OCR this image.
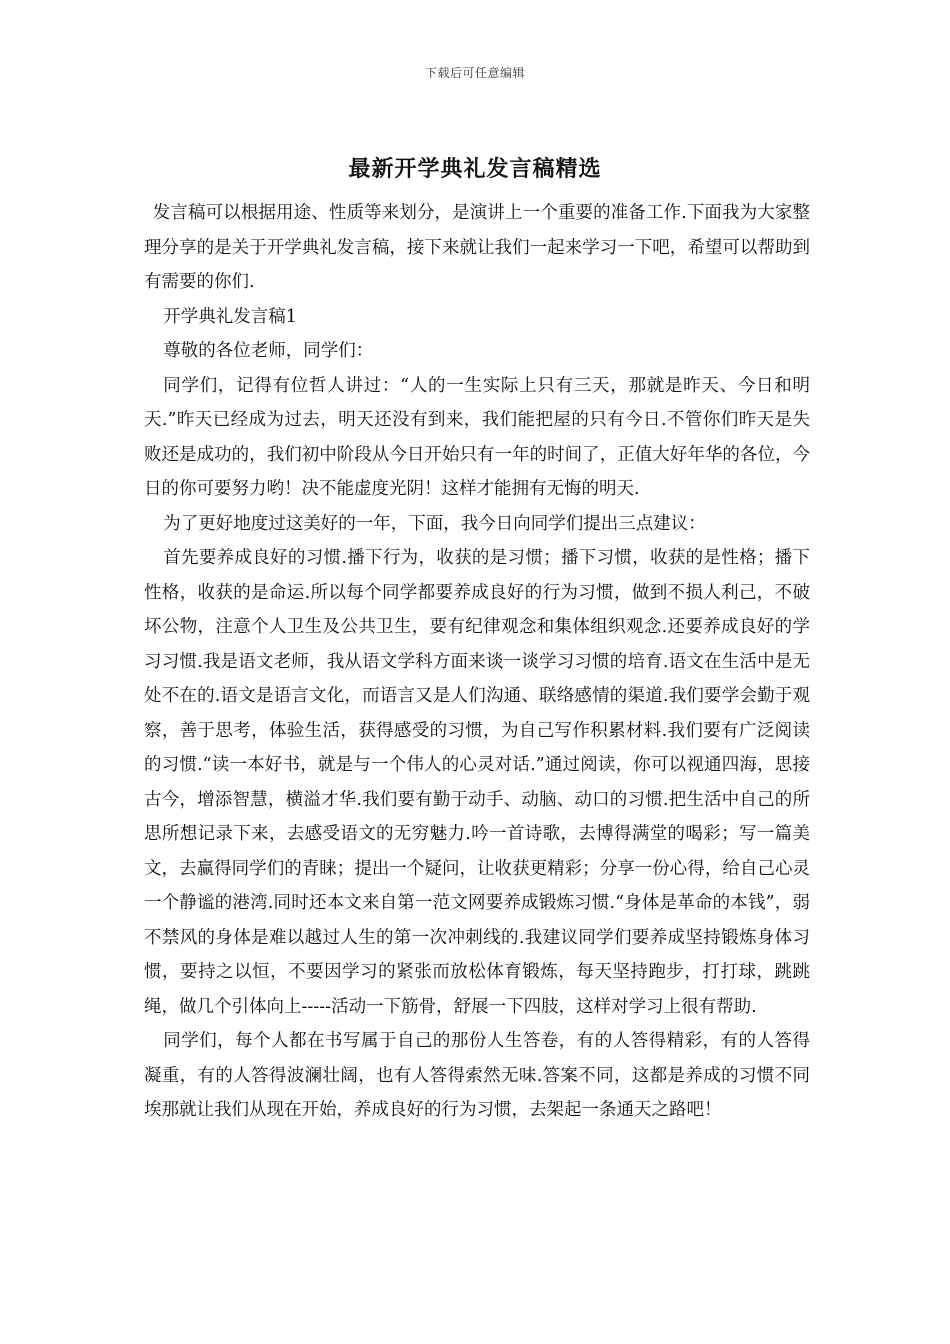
下载后可任意编辑
最新开学典礼发言稿精选

发言稿可以根据用途、性质等来划分，是演讲上一个重要的准备工作.下面我为大家整理分享的是关于开学典礼发言稿，接下来就让我们一起来学习一下吧，希望可以帮助到有需要的你们.

开学典礼发言稿1

尊敬的各位老师，同学们：

同学们，记得有位哲人讲过：“人的一生实际上只有三天，那就是昨天、今日和明天.”昨天已经成为过去，明天还没有到来，我们能把屋的只有今日.不管你们昨天是失败还是成功的，我们初中阶段从今日开始只有一年的时间了，正值大好年华的各位，今日的你可要努力哟！决不能虚度光阴！这样才能拥有无悔的明天.

为了更好地度过这美好的一年，下面，我今日向同学们提出三点建议：

首先要养成良好的习惯.播下行为，收获的是习惯；播下习惯，收获的是性格；播下性格，收获的是命运.所以每个同学都要养成良好的行为习惯，做到不损人利己，不破坏公物，注意个人卫生及公共卫生，要有纪律观念和集体组织观念.还要养成良好的学习习惯.我是语文老师，我从语文学科方面来谈一谈学习习惯的培育.语文在生活中是无处不在的.语文是语言文化，而语言又是人们沟通、联络感情的渠道.我们要学会勤于观察，善于思考，体验生活，获得感受的习惯，为自己写作积累材料.我们要有广泛阅读的习惯.“读一本好书，就是与一个伟人的心灵对话.”通过阅读，你可以视通四海，思接古今，增添智慧，横溢才华.我们要有勤于动手、动脑、动口的习惯.把生活中自己的所思所想记录下来，去感受语文的无穷魅力.吟一首诗歌，去博得满堂的喝彩；写一篇美文，去赢得同学们的青睐；提出一个疑问，让收获更精彩；分享一份心得，给自己心灵一个静谧的港湾.同时还本文来自第一范文网要养成锻炼习惯.“身体是革命的本钱”，弱不禁风的身体是难以越过人生的第一次冲刺线的.我建议同学们要养成坚持锻炼身体习惯，要持之以恒，不要因学习的紧张而放松体育锻炼，每天坚持跑步，打打球，跳跳绳，做几个引体向上-----活动一下筋骨，舒展一下四肢，这样对学习上很有帮助.

同学们，每个人都在书写属于自己的那份人生答卷，有的人答得精彩，有的人答得凝重，有的人答得波澜壮阔，也有人答得索然无味.答案不同，这都是养成的习惯不同埃那就让我们从现在开始，养成良好的行为习惯，去架起一条通天之路吧！
